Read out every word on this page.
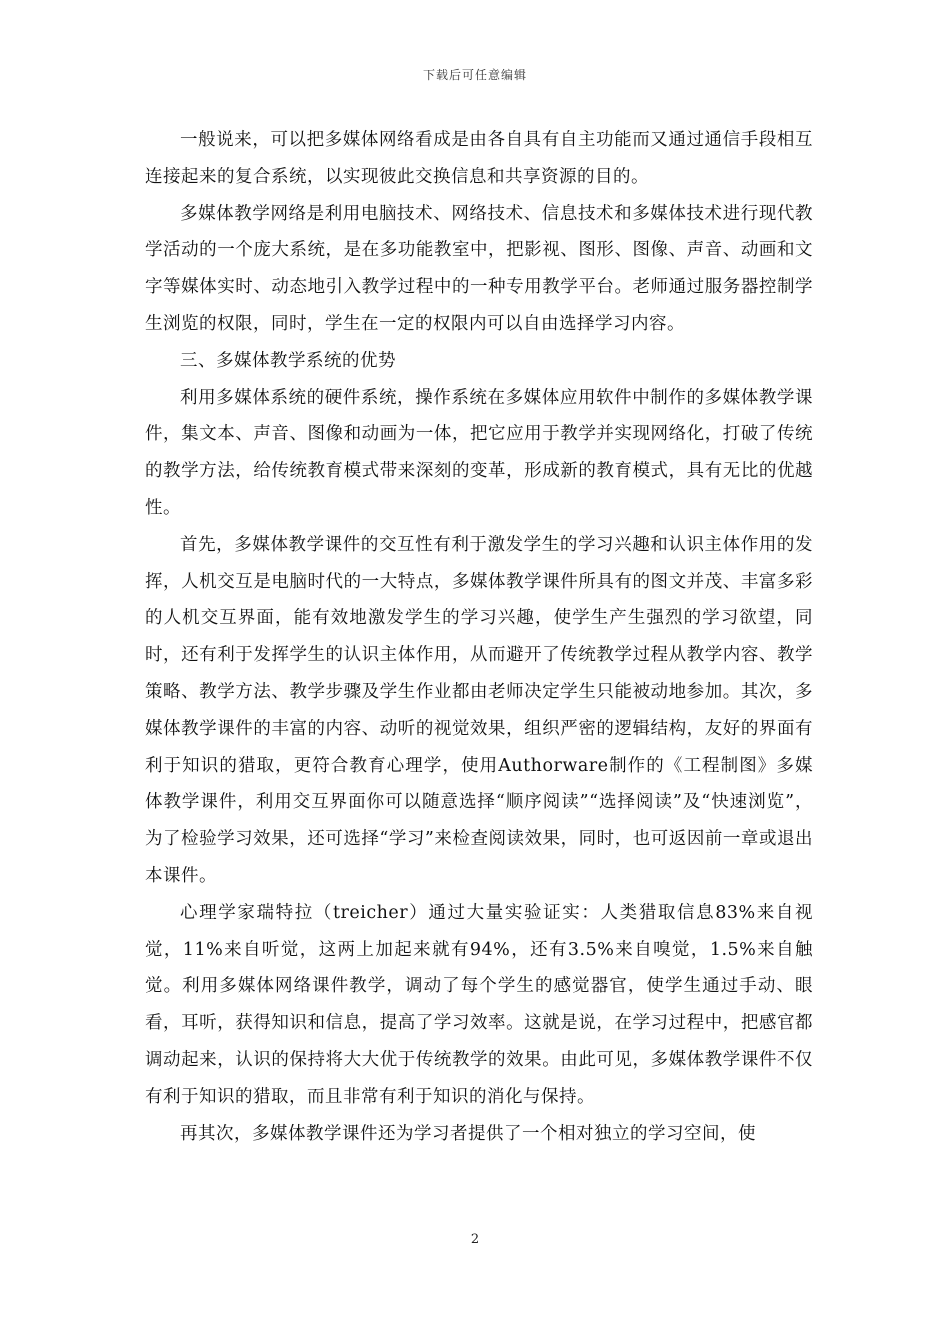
下载后可任意编辑

一般说来，可以把多媒体网络看成是由各自具有自主功能而又通过通信手段相互连接起来的复合系统，以实现彼此交换信息和共享资源的目的。

多媒体教学网络是利用电脑技术、网络技术、信息技术和多媒体技术进行现代教学活动的一个庞大系统，是在多功能教室中，把影视、图形、图像、声音、动画和文字等媒体实时、动态地引入教学过程中的一种专用教学平台。老师通过服务器控制学生浏览的权限，同时，学生在一定的权限内可以自由选择学习内容。

三、多媒体教学系统的优势

利用多媒体系统的硬件系统，操作系统在多媒体应用软件中制作的多媒体教学课件，集文本、声音、图像和动画为一体，把它应用于教学并实现网络化，打破了传统的教学方法，给传统教育模式带来深刻的变革，形成新的教育模式，具有无比的优越性。

首先，多媒体教学课件的交互性有利于激发学生的学习兴趣和认识主体作用的发挥，人机交互是电脑时代的一大特点，多媒体教学课件所具有的图文并茂、丰富多彩的人机交互界面，能有效地激发学生的学习兴趣，使学生产生强烈的学习欲望，同时，还有利于发挥学生的认识主体作用，从而避开了传统教学过程从教学内容、教学策略、教学方法、教学步骤及学生作业都由老师决定学生只能被动地参加。其次，多媒体教学课件的丰富的内容、动听的视觉效果，组织严密的逻辑结构，友好的界面有利于知识的猎取，更符合教育心理学，使用Authorware制作的《工程制图》多媒体教学课件，利用交互界面你可以随意选择“顺序阅读”“选择阅读”及“快速浏览”，为了检验学习效果，还可选择“学习”来检查阅读效果，同时，也可返因前一章或退出本课件。

心理学家瑞特拉（treicher）通过大量实验证实：人类猎取信息83%来自视觉，11%来自听觉，这两上加起来就有94%，还有3.5%来自嗅觉，1.5%来自触觉。利用多媒体网络课件教学，调动了每个学生的感觉器官，使学生通过手动、眼看，耳听，获得知识和信息，提高了学习效率。这就是说，在学习过程中，把感官都调动起来，认识的保持将大大优于传统教学的效果。由此可见，多媒体教学课件不仅有利于知识的猎取，而且非常有利于知识的消化与保持。

再其次，多媒体教学课件还为学习者提供了一个相对独立的学习空间，使

2
